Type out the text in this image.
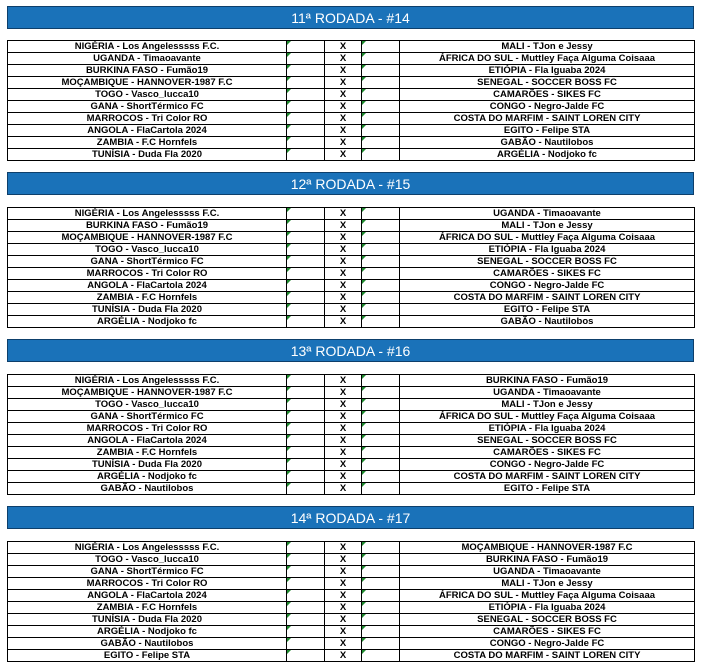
11ª RODADA - #14
NIGÉRIA - Los Angelesssss F.C.		X		MALI - TJon e Jessy
UGANDA - Timaoavante		X		ÁFRICA DO SUL - Muttley Faça Alguma Coisaaa
BURKINA FASO - Fumão19		X		ETIÓPIA - Fla Iguaba 2024
MOÇAMBIQUE - HANNOVER-1987 F.C		X		SENEGAL - SOCCER BOSS FC
TOGO - Vasco_lucca10		X		CAMARÕES - SIKES FC
GANA - ShortTérmico FC		X		CONGO - Negro-Jalde FC
MARROCOS - Tri Color RO		X		COSTA DO MARFIM - SAINT LOREN CITY
ANGOLA - FlaCartola 2024		X		EGITO - Felipe STA
ZAMBIA - F.C Hornfels		X		GABÃO - Nautilobos
TUNÍSIA - Duda Fla 2020		X		ARGÉLIA - Nodjoko fc
12ª RODADA - #15
NIGÉRIA - Los Angelesssss F.C.		X		UGANDA - Timaoavante
BURKINA FASO - Fumão19		X		MALI - TJon e Jessy
MOÇAMBIQUE - HANNOVER-1987 F.C		X		ÁFRICA DO SUL - Muttley Faça Alguma Coisaaa
TOGO - Vasco_lucca10		X		ETIÓPIA - Fla Iguaba 2024
GANA - ShortTérmico FC		X		SENEGAL - SOCCER BOSS FC
MARROCOS - Tri Color RO		X		CAMARÕES - SIKES FC
ANGOLA - FlaCartola 2024		X		CONGO - Negro-Jalde FC
ZAMBIA - F.C Hornfels		X		COSTA DO MARFIM - SAINT LOREN CITY
TUNÍSIA - Duda Fla 2020		X		EGITO - Felipe STA
ARGÉLIA - Nodjoko fc		X		GABÃO - Nautilobos
13ª RODADA - #16
NIGÉRIA - Los Angelesssss F.C.		X		BURKINA FASO - Fumão19
MOÇAMBIQUE - HANNOVER-1987 F.C		X		UGANDA - Timaoavante
TOGO - Vasco_lucca10		X		MALI - TJon e Jessy
GANA - ShortTérmico FC		X		ÁFRICA DO SUL - Muttley Faça Alguma Coisaaa
MARROCOS - Tri Color RO		X		ETIÓPIA - Fla Iguaba 2024
ANGOLA - FlaCartola 2024		X		SENEGAL - SOCCER BOSS FC
ZAMBIA - F.C Hornfels		X		CAMARÕES - SIKES FC
TUNÍSIA - Duda Fla 2020		X		CONGO - Negro-Jalde FC
ARGÉLIA - Nodjoko fc		X		COSTA DO MARFIM - SAINT LOREN CITY
GABÃO - Nautilobos		X		EGITO - Felipe STA
14ª RODADA - #17
NIGÉRIA - Los Angelesssss F.C.		X		MOÇAMBIQUE - HANNOVER-1987 F.C
TOGO - Vasco_lucca10		X		BURKINA FASO - Fumão19
GANA - ShortTérmico FC		X		UGANDA - Timaoavante
MARROCOS - Tri Color RO		X		MALI - TJon e Jessy
ANGOLA - FlaCartola 2024		X		ÁFRICA DO SUL - Muttley Faça Alguma Coisaaa
ZAMBIA - F.C Hornfels		X		ETIÓPIA - Fla Iguaba 2024
TUNÍSIA - Duda Fla 2020		X		SENEGAL - SOCCER BOSS FC
ARGÉLIA - Nodjoko fc		X		CAMARÕES - SIKES FC
GABÃO - Nautilobos		X		CONGO - Negro-Jalde FC
EGITO - Felipe STA		X		COSTA DO MARFIM - SAINT LOREN CITY
